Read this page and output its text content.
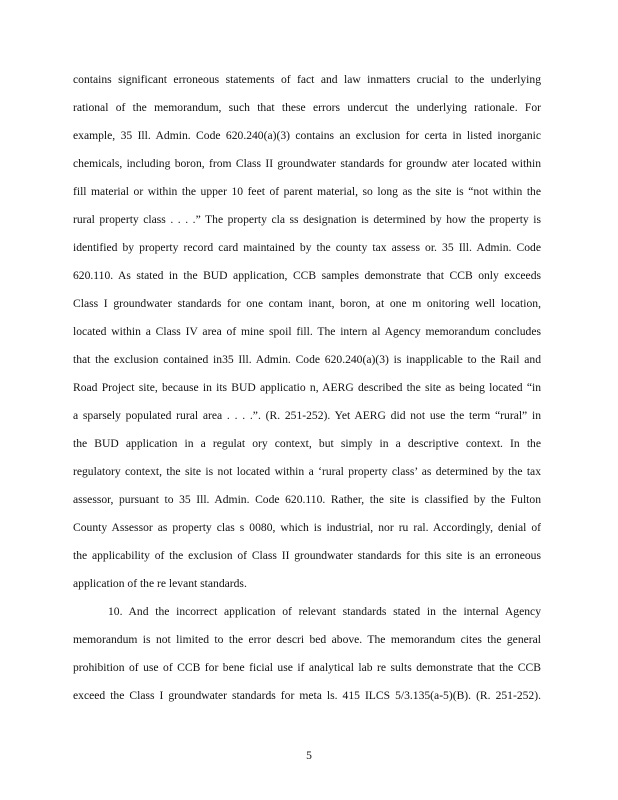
contains significant erroneous statements of fact and law inmatters crucial to the underlying
rational of the memorandum, such that these errors undercut the underlying rationale. For
example, 35 Ill. Admin. Code 620.240(a)(3) contains an exclusion for certa in listed inorganic
chemicals, including boron, from Class II groundwater standards for groundw ater located within
fill material or within the upper 10 feet of parent material, so long as the site is “not within the
rural property class . . . .” The property cla ss designation is determined by how the property is
identified by property record card maintained by the county tax assess or. 35 Ill. Admin. Code
620.110. As stated in the BUD application, CCB samples demonstrate that CCB only exceeds
Class I groundwater standards for one contam inant, boron, at one m onitoring well location,
located within a Class IV area of mine spoil fill. The intern al Agency memorandum concludes
that the exclusion contained in35 Ill. Admin. Code 620.240(a)(3) is inapplicable to the Rail and
Road Project site, because in its BUD applicatio n, AERG described the site as being located “in
a sparsely populated rural area . . . .”. (R. 251-252). Yet AERG did not use the term “rural” in
the BUD application in a regulat ory context, but simply in a descriptive context. In the
regulatory context, the site is not located within a ‘rural property class’ as determined by the tax
assessor, pursuant to 35 Ill. Admin. Code 620.110. Rather, the site is classified by the Fulton
County Assessor as property clas s 0080, which is industrial, nor ru ral. Accordingly, denial of
the applicability of the exclusion of Class II groundwater standards for this site is an erroneous
application of the re levant standards.
10. And the incorrect application of relevant standards stated in the internal Agency
memorandum is not limited to the error descri bed above. The memorandum cites the general
prohibition of use of CCB for bene ficial use if analytical lab re sults demonstrate that the CCB
exceed the Class I groundwater standards for meta ls. 415 ILCS 5/3.135(a-5)(B). (R. 251-252).
5
